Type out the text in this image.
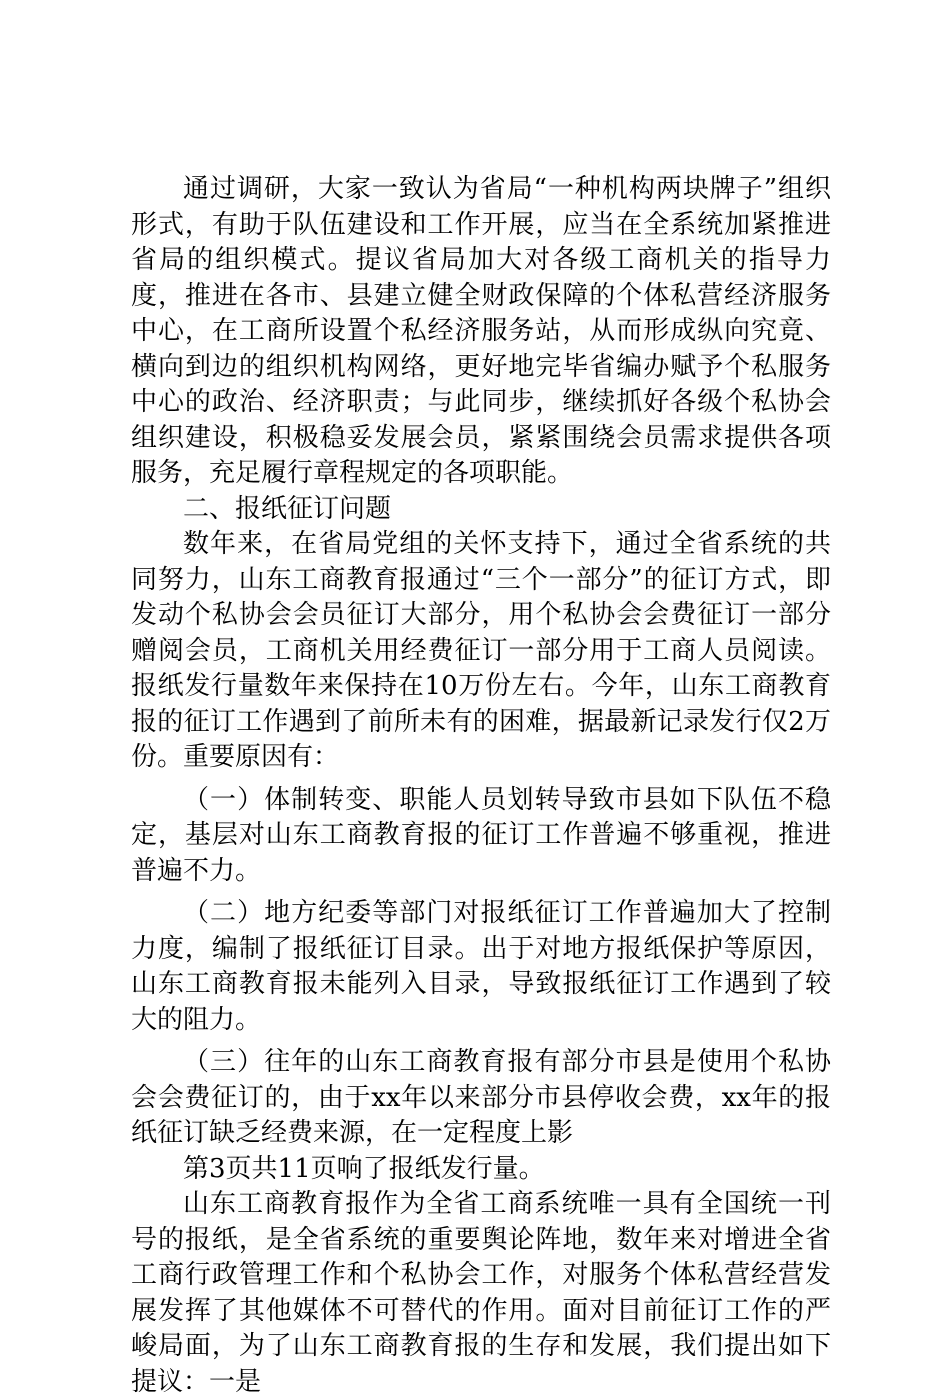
通过调研，大家一致认为省局“一种机构两块牌子”组织形式，有助于队伍建设和工作开展，应当在全系统加紧推进省局的组织模式。提议省局加大对各级工商机关的指导力度，推进在各市、县建立健全财政保障的个体私营经济服务中心，在工商所设置个私经济服务站，从而形成纵向究竟、横向到边的组织机构网络，更好地完毕省编办赋予个私服务中心的政治、经济职责；与此同步，继续抓好各级个私协会组织建设，积极稳妥发展会员，紧紧围绕会员需求提供各项服务，充足履行章程规定的各项职能。

二、报纸征订问题

数年来，在省局党组的关怀支持下，通过全省系统的共同努力，山东工商教育报通过“三个一部分”的征订方式，即发动个私协会会员征订大部分，用个私协会会费征订一部分赠阅会员，工商机关用经费征订一部分用于工商人员阅读。报纸发行量数年来保持在10万份左右。今年，山东工商教育报的征订工作遇到了前所未有的困难，据最新记录发行仅2万份。重要原因有：

（一）体制转变、职能人员划转导致市县如下队伍不稳定，基层对山东工商教育报的征订工作普遍不够重视，推进普遍不力。

（二）地方纪委等部门对报纸征订工作普遍加大了控制力度，编制了报纸征订目录。出于对地方报纸保护等原因，山东工商教育报未能列入目录，导致报纸征订工作遇到了较大的阻力。

（三）往年的山东工商教育报有部分市县是使用个私协会会费征订的，由于xx年以来部分市县停收会费，xx年的报纸征订缺乏经费来源，在一定程度上影

第3页共11页响了报纸发行量。

山东工商教育报作为全省工商系统唯一具有全国统一刊号的报纸，是全省系统的重要舆论阵地，数年来对增进全省工商行政管理工作和个私协会工作，对服务个体私营经营发展发挥了其他媒体不可替代的作用。面对目前征订工作的严峻局面，为了山东工商教育报的生存和发展，我们提出如下提议：一是
